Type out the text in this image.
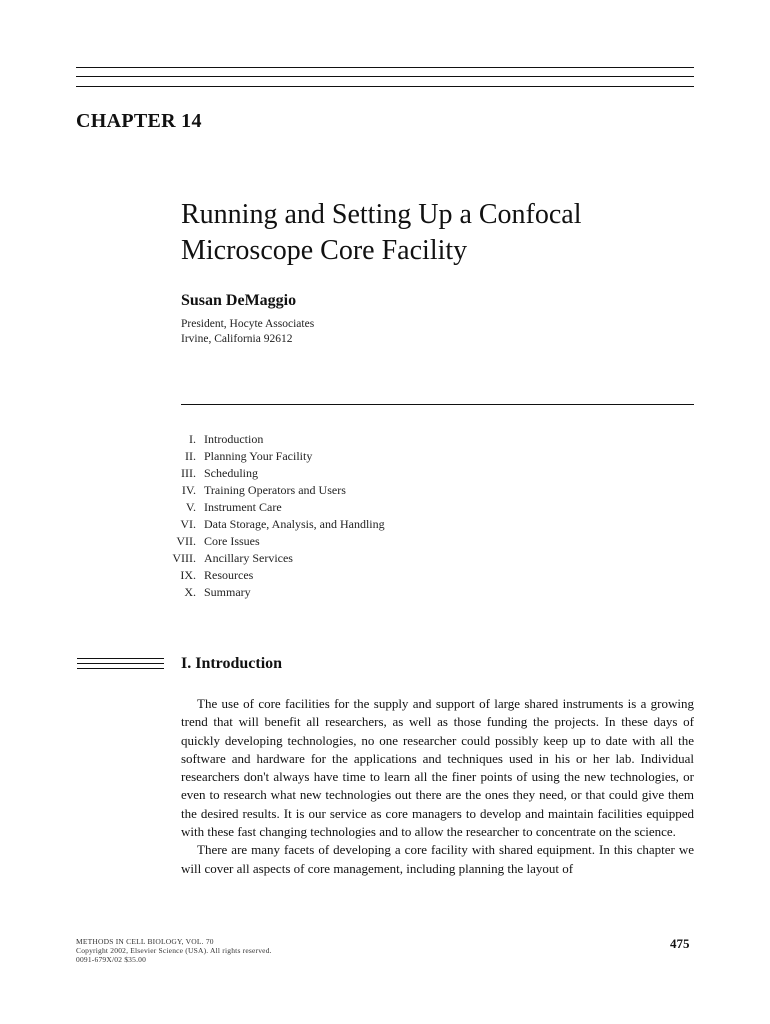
CHAPTER 14
Running and Setting Up a Confocal
Microscope Core Facility
Susan DeMaggio
President, Hocyte Associates
Irvine, California 92612
I. Introduction
II. Planning Your Facility
III. Scheduling
IV. Training Operators and Users
V. Instrument Care
VI. Data Storage, Analysis, and Handling
VII. Core Issues
VIII. Ancillary Services
IX. Resources
X. Summary
I. Introduction

The use of core facilities for the supply and support of large shared instruments is a growing trend that will benefit all researchers, as well as those funding the projects. In these days of quickly developing technologies, no one researcher could possibly keep up to date with all the software and hardware for the applications and techniques used in his or her lab. Individual researchers don't always have time to learn all the finer points of using the new technologies, or even to research what new technologies out there are the ones they need, or that could give them the desired results. It is our service as core managers to develop and maintain facilities equipped with these fast changing technologies and to allow the researcher to concentrate on the science.

There are many facets of developing a core facility with shared equipment. In this chapter we will cover all aspects of core management, including planning the layout of

METHODS IN CELL BIOLOGY, VOL. 70
Copyright 2002, Elsevier Science (USA). All rights reserved.
0091-679X/02 $35.00
475
